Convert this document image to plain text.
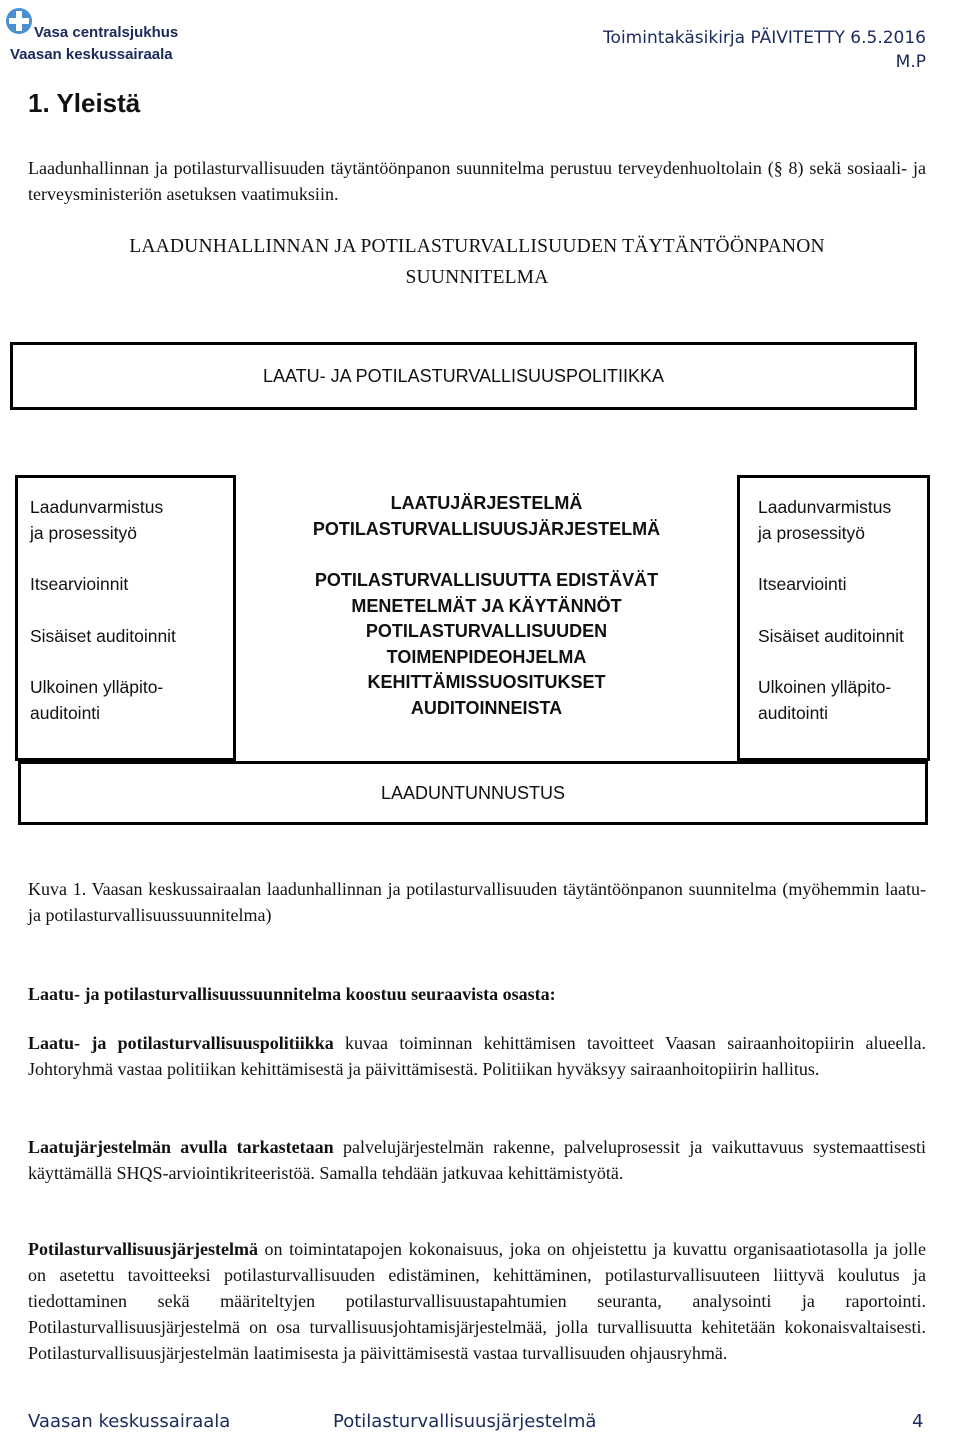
Vasa centralsjukhus
Vaasan keskussairaala
Toimintakäsikirja PÄIVITETTY 6.5.2016
M.P
1. Yleistä
Laadunhallinnan ja potilasturvallisuuden täytäntöönpanon suunnitelma perustuu terveydenhuoltolain (§ 8) sekä sosiaali- ja terveysministeriön asetuksen vaatimuksiin.
LAADUNHALLINNAN JA POTILASTURVALLISUUDEN TÄYTÄNTÖÖNPANON
SUUNNITELMA
LAATU- JA POTILASTURVALLISUUSPOLITIIKKA
Laadunvarmistus
ja prosessityö
Itsearvioinnit
Sisäiset auditoinnit
Ulkoinen ylläpito-
auditointi
LAATUJÄRJESTELMÄ
POTILASTURVALLISUUSJÄRJESTELMÄ
POTILASTURVALLISUUTTA EDISTÄVÄT
MENETELMÄT JA KÄYTÄNNÖT
POTILASTURVALLISUUDEN
TOIMENPIDEOHJELMA
KEHITTÄMISSUOSITUKSET
AUDITOINNEISTA
Laadunvarmistus
ja prosessityö
Itsearviointi
Sisäiset auditoinnit
Ulkoinen ylläpito-
auditointi
LAADUNTUNNUSTUS
Kuva 1. Vaasan keskussairaalan laadunhallinnan ja potilasturvallisuuden täytäntöönpanon suunnitelma (myöhemmin laatu- ja potilasturvallisuussuunnitelma)
Laatu- ja potilasturvallisuussuunnitelma koostuu seuraavista osasta:
Laatu- ja potilasturvallisuuspolitiikka kuvaa toiminnan kehittämisen tavoitteet Vaasan sairaanhoitopiirin alueella. Johtoryhmä vastaa politiikan kehittämisestä ja päivittämisestä. Politiikan hyväksyy sairaanhoitopiirin hallitus.
Laatujärjestelmän avulla tarkastetaan palvelujärjestelmän rakenne, palveluprosessit ja vaikuttavuus systemaattisesti käyttämällä SHQS-arviointikriteeristöä. Samalla tehdään jatkuvaa kehittämistyötä.
Potilasturvallisuusjärjestelmä on toimintatapojen kokonaisuus, joka on ohjeistettu ja kuvattu organisaatiotasolla ja jolle on asetettu tavoitteeksi potilasturvallisuuden edistäminen, kehittäminen, potilasturvallisuuteen liittyvä koulutus ja tiedottaminen sekä määriteltyjen potilasturvallisuustapahtumien seuranta, analysointi ja raportointi. Potilasturvallisuusjärjestelmä on osa turvallisuusjohtamisjärjestelmää, jolla turvallisuutta kehitetään kokonaisvaltaisesti. Potilasturvallisuusjärjestelmän laatimisesta ja päivittämisestä vastaa turvallisuuden ohjausryhmä.
Vaasan keskussairaala	Potilasturvallisuusjärjestelmä	4
